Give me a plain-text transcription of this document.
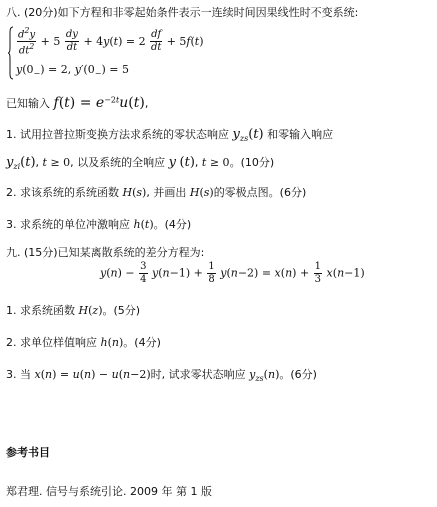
八. (20分)如下方程和非零起始条件表示一连续时间因果线性时不变系统:
$\frac{d^2y}{dt^2} + 5 \frac{dy}{dt} + 4y(t) = 2 \frac{df}{dt} + 5f(t)$
$y(0_-) = 2$, $y'(0_-) = 5$
已知输入 $f(t) = e^{-2t}u(t)$,
1. 试用拉普拉斯变换方法求系统的零状态响应 $y_{zs}(t)$ 和零输入响应
$y_{zi}(t)$, t ≥ 0, 以及系统的全响应 y (t), t ≥ 0。(10分)
2. 求该系统的系统函数 H(s), 并画出 H(s)的零极点图。(6分)
3. 求系统的单位冲激响应 h(t)。(4分)
九. (15分)已知某离散系统的差分方程为:
$y(n) - \frac{3}{4} y(n-1) + \frac{1}{8} y(n-2) = x(n) + \frac{1}{3} x(n-1)$
1. 求系统函数 H(z)。(5分)
2. 求单位样值响应 h(n)。(4分)
3. 当 x(n) = u(n) − u(n−2)时, 试求零状态响应 $y_{zs}(n)$。(6分)
参考书目
郑君理. 信号与系统引论. 2009 年 第 1 版
